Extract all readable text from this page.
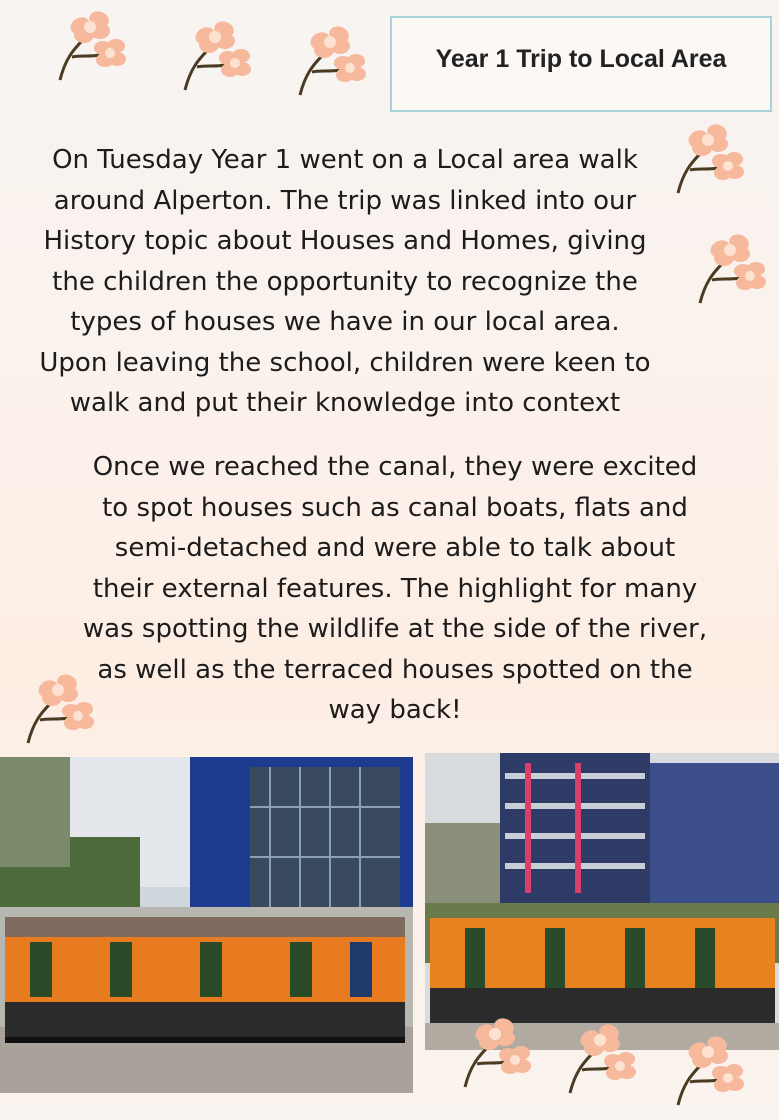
Year 1 Trip to Local Area
On Tuesday Year 1 went on a Local area walk
around Alperton. The trip was linked into our
History topic about Houses and Homes, giving
the children the opportunity to recognize the
types of houses we have in our local area.
Upon leaving the school, children were keen to
walk and put their knowledge into context
Once we reached the canal, they were excited
to spot houses such as canal boats, flats and
semi-detached and were able to talk about
their external features. The highlight for many
was spotting the wildlife at the side of the river,
as well as the terraced houses spotted on the
way back!
